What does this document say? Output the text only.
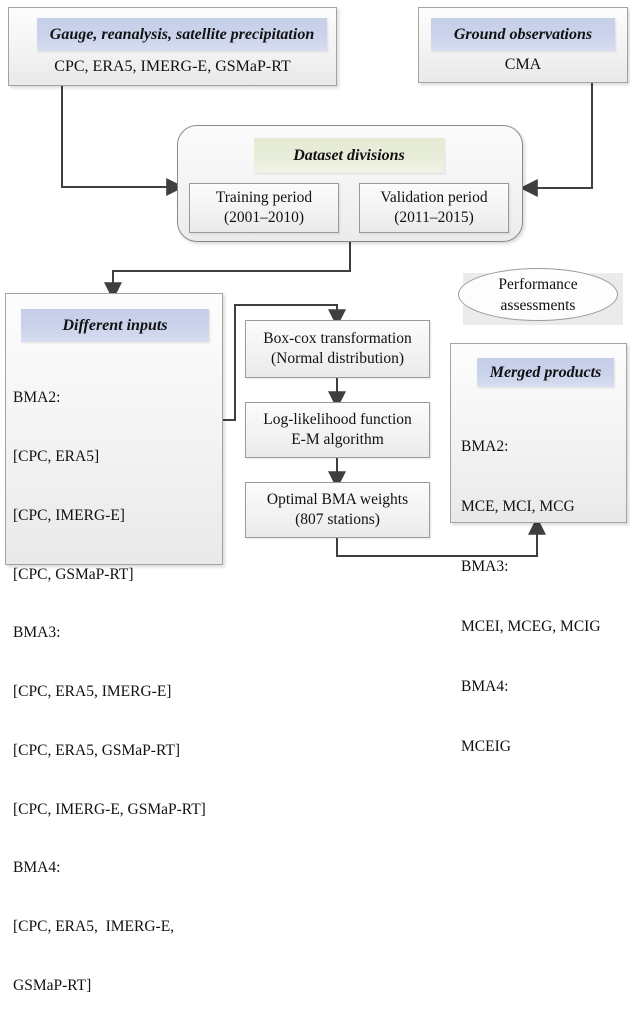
Gauge, reanalysis, satellite precipitation
CPC, ERA5, IMERG-E, GSMaP-RT
Ground observations
CMA
Dataset divisions
Training period
(2001–2010)
Validation period
(2011–2015)
Different inputs

BMA2:

[CPC, ERA5]

[CPC, IMERG-E]

[CPC, GSMaP-RT]

BMA3:

[CPC, ERA5, IMERG-E]

[CPC, ERA5, GSMaP-RT]

[CPC, IMERG-E, GSMaP-RT]

BMA4:

[CPC, ERA5,  IMERG-E,

GSMaP-RT]

Box-cox transformation
(Normal distribution)
Log-likelihood function
E-M algorithm
Optimal BMA weights
(807 stations)
Performance
assessments
Merged products

BMA2:

MCE, MCI, MCG

BMA3:

MCEI, MCEG, MCIG

BMA4:

MCEIG
